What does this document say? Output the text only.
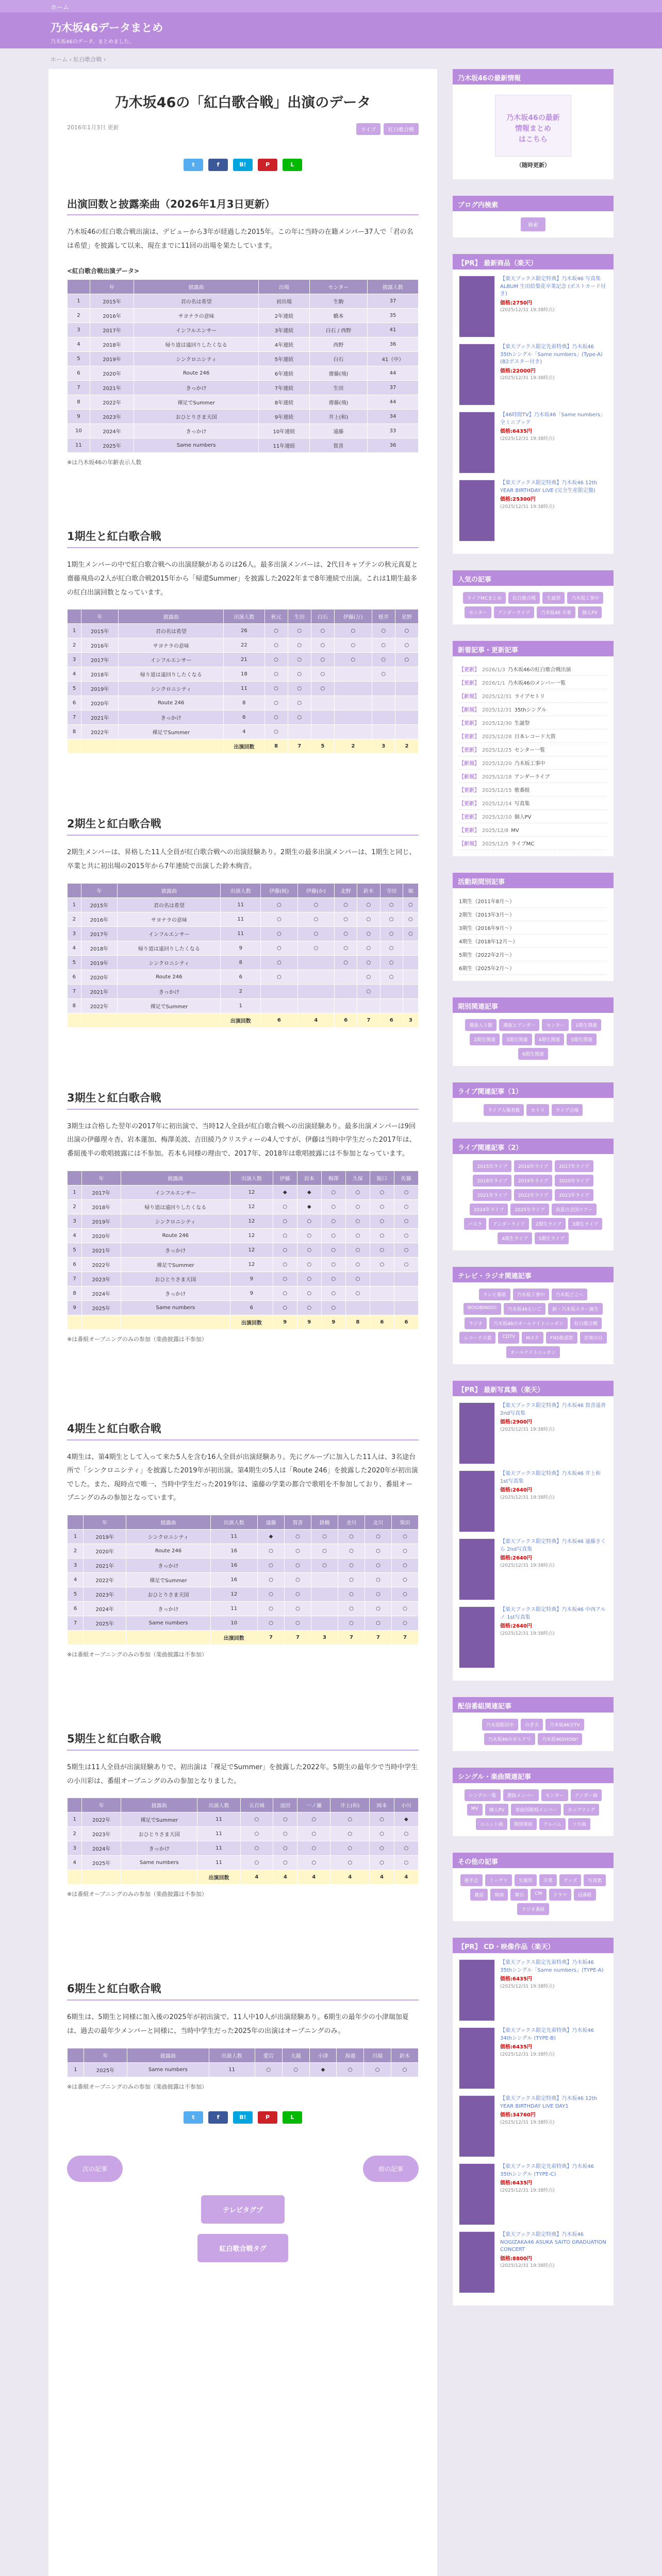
ホーム
乃木坂46データまとめ
乃木坂46のデータ、まとめました。
ホーム › 紅白歌合戦 ›
乃木坂46の「紅白歌合戦」出演のデータ
2016年1月3日 更新	ライブ 紅白歌合戦
t	f	B!	P	L
出演回数と披露楽曲（2026年1月3日更新）

乃木坂46の紅白歌合戦出演は、デビューから3年が経過した2015年。この年に当時の在籍メンバー37人で「君の名は希望」を披露して以来、現在までに11回の出場を果たしています。

<紅白歌合戦出演データ>
	年	披露曲	出場	センター	披露人数
1	2015年	君の名は希望	初出場	生駒	37
2	2016年	サヨナラの意味	2年連続	橋本	35
3	2017年	インフルエンサー	3年連続	白石 / 西野	41
4	2018年	帰り道は遠回りしたくなる	4年連続	西野	36
5	2019年	シンクロニシティ	5年連続	白石	41（中）
6	2020年	Route 246	6年連続	齋藤(飛)	44
7	2021年	きっかけ	7年連続	生田	37
8	2022年	裸足でSummer	8年連続	齋藤(飛)	44
9	2023年	おひとりさま天国	9年連続	井上(和)	34
10	2024年	きっかけ	10年連続	遠藤	33
11	2025年	Same numbers	11年連続	賀喜	36
※は乃木坂46の年齢表示人数
1期生と紅白歌合戦

1期生メンバーの中で紅白歌合戦への出演経験があるのは26人。最多出演メンバーは、2代目キャプテンの秋元真夏と齋藤飛鳥の2人が紅白歌合戦2015年から「帰還Summer」を披露した2022年まで8年連続で出演。これは1期生最多の紅白出演回数となっています。

	年	披露曲	出演人数	秋元	生田	白石	伊藤(万)	桜井	星野
1	2015年	君の名は希望	26	○	○	○	○	○	○
2	2016年	サヨナラの意味	22	○	○	○	○	○	○
3	2017年	インフルエンサー	21	○	○	○	○	○	○
4	2018年	帰り道は遠回りしたくなる	18	○	○	○		○	
5	2019年	シンクロニシティ	11	○	○	○			
6	2020年	Route 246	8	○	○				
7	2021年	きっかけ	6	○	○				
8	2022年	裸足でSummer	4	○					
			出演回数	8	7	5	2	3	2
2期生と紅白歌合戦

2期生メンバーは、昇格した11人全員が紅白歌合戦への出演経験あり。2期生の最多出演メンバーは、1期生と同じ、卒業と共に初出場の2015年から7年連続で出演した鈴木絢音。

	年	披露曲	出演人数	伊藤(純)	伊藤(か)	北野	鈴木	寺田	堀
1	2015年	君の名は希望	11	○	○	○	○	○	○
2	2016年	サヨナラの意味	11	○	○	○	○	○	○
3	2017年	インフルエンサー	11	○	○	○	○	○	○
4	2018年	帰り道は遠回りしたくなる	9	○	○	○	○	○	
5	2019年	シンクロニシティ	8	○		○	○	○	
6	2020年	Route 246	6	○			○	○	
7	2021年	きっかけ	2				○		
8	2022年	裸足でSummer	1						
			出演回数	6	4	6	7	6	3
3期生と紅白歌合戦

3期生は合格した翌年の2017年に初出演で、当時12人全員が紅白歌合戦への出演経験あり。最多出演メンバーは9回出演の伊藤理々杏、岩本蓮加、梅澤美波、吉田綾乃クリスティーの4人ですが、伊藤は当時中学生だった2017年は、番組後半の歌唱披露には不参加。若本も同様の理由で、2017年、2018年は歌唱披露には不参加となっています。

	年	披露曲	出演人数	伊藤	岩本	梅澤	久保	阪口	佐藤
1	2017年	インフルエンサー	12	◆	◆	○	○	○	○
2	2018年	帰り道は遠回りしたくなる	12	○	◆	○	○	○	○
3	2019年	シンクロニシティ	12	○	○	○	○	○	○
4	2020年	Route 246	12	○	○	○	○	○	○
5	2021年	きっかけ	12	○	○	○	○	○	○
6	2022年	裸足でSummer	12	○	○	○	○	○	○
7	2023年	おひとりさま天国	9	○	○	○	○		
8	2024年	きっかけ	9	○	○	○	○		
9	2025年	Same numbers	6	○	○	○			
			出演回数	9	9	9	8	6	6
※は番組オープニングのみの参加（楽曲披露は不参加）
4期生と紅白歌合戦

4期生は、第4期生として入って来た5人を含む16人全員が出演経験あり。先にグループに加入した11人は、3名途台所で「シンクロニシティ」を披露した2019年が初出演。第4期生の5人は「Route 246」を披露した2020年が初出演でした。また、現時点で唯一、当時中学生だった2019年は、遠藤の学業の都合で歌唱を不参加しており、番組オープニングのみの参加となっています。

	年	披露曲	出演人数	遠藤	賀喜	掛橋	金川	北川	柴田
1	2019年	シンクロニシティ	11	◆	○	○	○	○	○
2	2020年	Route 246	16	○	○	○	○	○	○
3	2021年	きっかけ	16	○	○	○	○	○	○
4	2022年	裸足でSummer	16	○	○		○	○	○
5	2023年	おひとりさま天国	12	○	○		○	○	○
6	2024年	きっかけ	11	○	○		○	○	○
7	2025年	Same numbers	10	○	○		○	○	○
			出演回数	7	7	3	7	7	7
※は番組オープニングのみの参加（楽曲披露は不参加）
5期生と紅白歌合戦

5期生は11人全員が出演経験ありで、初出演は「裸足でSummer」を披露した2022年。5期生の最年少で当時中学生の小川彩は、番組オープニングのみの参加となりました。

	年	披露曲	出演人数	五百城	池田	一ノ瀬	井上(和)	岡本	小川
1	2022年	裸足でSummer	11	○	○	○	○	○	◆
2	2023年	おひとりさま天国	11	○	○	○	○	○	○
3	2024年	きっかけ	11	○	○	○	○	○	○
4	2025年	Same numbers	11	○	○	○	○	○	○
			出演回数	4	4	4	4	4	4
※は番組オープニングのみの参加（楽曲披露は不参加）
6期生と紅白歌合戦

6期生は、5期生と同様に加入後の2025年が初出演で、11人中10人が出演経験あり。6期生の最年少の小津瑞加夏は、過去の最年少メンバーと同様に、当時中学生だった2025年の出演はオープニングのみ。

	年	披露曲	出演人数	愛宕	大越	小津	海邉	川端	鈴木
1	2025年	Same numbers	11	○	○	◆	○	○	○
※は番組オープニングのみの参加（楽曲披露は不参加）
t	f	B!	P	L
次の記事	前の記事
テレビタグプ
紅白歌合戦タグ
乃木坂46の最新情報
乃木坂46の最新
情報まとめ
はこちら
（随時更新）
ブログ内検索
検索
【PR】 最新商品（楽天）
【楽天ブックス限定特典】乃木坂46 写真集ALBUM 生田絵梨花卒業記念 (ポストカード付き)
価格:2750円
(2025/12/31 19:38時点)
【楽天ブックス限定先着特典】乃木坂46 35thシングル「Same numbers」(Type-A) (B2ポスター付き)
価格:22000円
(2025/12/31 19:38時点)
【46時間TV】乃木坂46「Same numbers」全ミニブック
価格:6435円
(2025/12/31 19:38時点)
【楽天ブックス限定特典】乃木坂46 12th YEAR BIRTHDAY LIVE (完全生産限定盤)
価格:25300円
(2025/12/31 19:38時点)
人気の記事
ライブMCまとめ	紅白歌合戦	生誕祭	乃木坂工事中
センター	アンダーライブ	乃木坂46 卒業	個人PV
新着記事・更新記事
【更新】 2026/1/3 乃木坂46の紅白歌合戦出演
【更新】 2026/1/1 乃木坂46のメンバー一覧
【新規】 2025/12/31 ライブセトリ
【新規】 2025/12/31 35thシングル
【更新】 2025/12/30 生誕祭
【更新】 2025/12/28 日本レコード大賞
【更新】 2025/12/25 センター一覧
【新規】 2025/12/20 乃木坂工事中
【新規】 2025/12/18 アンダーライブ
【更新】 2025/12/15 歌番組
【更新】 2025/12/14 写真集
【更新】 2025/12/10 個人PV
【更新】 2025/12/8 MV
【新規】 2025/12/5 ライブMC
活動期間別記事
1期生（2011年8月〜）
2期生（2013年3月〜）
3期生（2016年9月〜）
4期生（2018年12月〜）
5期生（2022年2月〜）
6期生（2025年2月〜）
期別関連記事
選抜入り数	選抜とアンダー	センター	1期生関連
2期生関連	3期生関連	4期生関連	5期生関連
6期生関連
ライブ関連記事（1）
ライブ入場者数	セトリ	ライブ会場
ライブ関連記事（2）
2015年ライブ	2016年ライブ	2017年ライブ
2018年ライブ	2019年ライブ	2020年ライブ
2021年ライブ	2022年ライブ	2023年ライブ
2024年ライブ	2025年ライブ	真夏の全国ツアー
バスラ	アンダーライブ	2期生ライブ	3期生ライブ
4期生ライブ	5期生ライブ
テレビ・ラジオ関連記事
テレビ番組	乃木坂工事中	乃木坂どこへ
NOGIBINGO!	乃木坂46えいご	新・乃木坂スター誕生
ラジオ	乃木坂46のオールナイトニッポン	紅白歌合戦
レコード大賞	CDTV	Mステ	FNS歌謡祭	音楽の日
オールナイトニッポン
【PR】 最新写真集（楽天）
【楽天ブックス限定特典】乃木坂46 賀喜遥香 2nd写真集
価格:2900円
(2025/12/31 19:38時点)
【楽天ブックス限定特典】乃木坂46 井上和 1st写真集
価格:2640円
(2025/12/31 19:38時点)
【楽天ブックス限定特典】乃木坂46 遠藤さくら 2nd写真集
価格:2640円
(2025/12/31 19:38時点)
【楽天ブックス限定特典】乃木坂46 中西アルノ 1st写真集
価格:2640円
(2025/12/31 19:38時点)
配信番組関連記事
乃木坂配信中	のぎ天	乃木坂46分TV
乃木坂46のガルアワ	乃木坂46SHOW!
シングル・楽曲関連記事
シングル一覧	選抜メンバー	センター	アンダー曲
MV	個人PV	楽曲別歌唱メンバー	カップリング
ユニット曲	期別楽曲	アルバム	ソロ曲
その他の記事
握手会	ミーグリ	生誕祭	卒業	グッズ	写真集
雑誌	映画	舞台	CM	ドラマ	冠番組
ラジオ番組
【PR】 CD・映像作品（楽天）
【楽天ブックス限定先着特典】乃木坂46 35thシングル「Same numbers」(TYPE-A)
価格:6435円
(2025/12/31 19:38時点)
【楽天ブックス限定先着特典】乃木坂46 34thシングル (TYPE-B)
価格:6435円
(2025/12/31 19:38時点)
【楽天ブックス限定特典】乃木坂46 12th YEAR BIRTHDAY LIVE DAY1
価格:34760円
(2025/12/31 19:38時点)
【楽天ブックス限定先着特典】乃木坂46 35thシングル (TYPE-C)
価格:6435円
(2025/12/31 19:38時点)
【楽天ブックス限定特典】乃木坂46 NOGIZAKA46 ASUKA SAITO GRADUATION CONCERT
価格:8800円
(2025/12/31 19:38時点)
